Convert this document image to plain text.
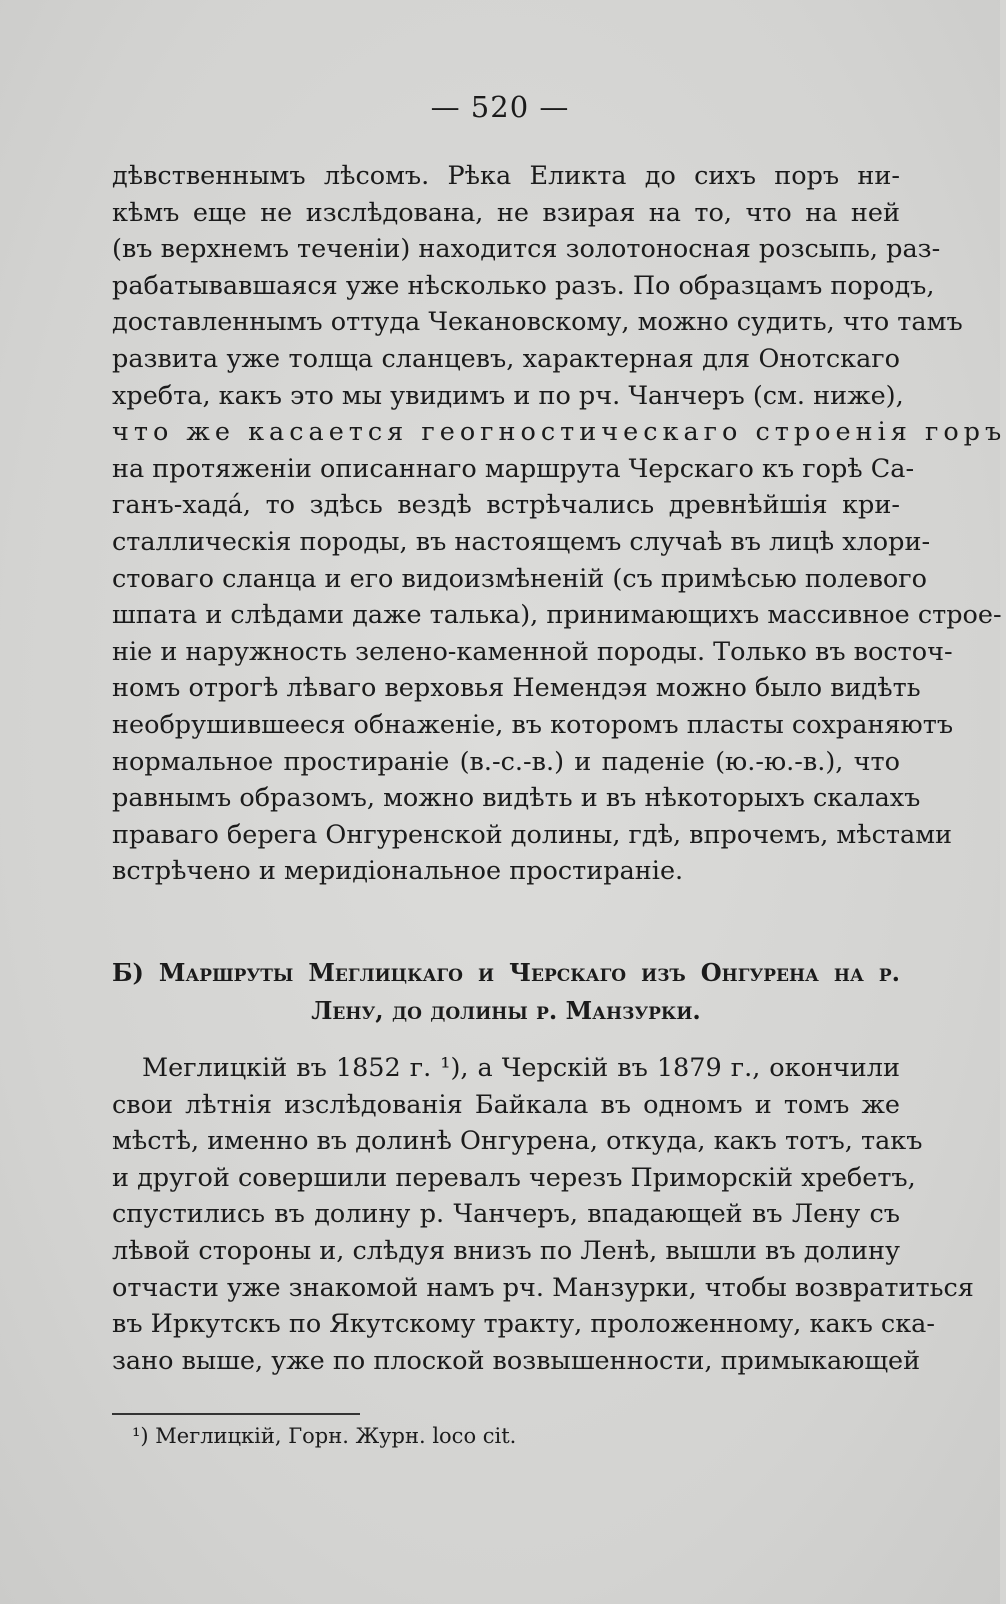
— 520 —
дѣвственнымъ лѣсомъ. Рѣка Еликта до сихъ поръ ни-
кѣмъ еще не изслѣдована, не взирая на то, что на ней
(въ верхнемъ теченіи) находится золотоносная розсыпь, раз-
рабатывавшаяся уже нѣсколько разъ. По образцамъ породъ,
доставленнымъ оттуда Чекановскому, можно судить, что тамъ
развита уже толща сланцевъ, характерная для Онотскаго
хребта, какъ это мы увидимъ и по рч. Чанчеръ (см. ниже),
что же касается геогностическаго строенія горъ
на протяженіи описаннаго маршрута Черскаго къ горѣ Са-
ганъ-хада́, то здѣсь вездѣ встрѣчались древнѣйшія кри-
сталлическія породы, въ настоящемъ случаѣ въ лицѣ хлори-
стоваго сланца и его видоизмѣненій (съ примѣсью полевого
шпата и слѣдами даже талька), принимающихъ массивное строе-
ніе и наружность зелено-каменной породы. Только въ восточ-
номъ отрогѣ лѣваго верховья Немендэя можно было видѣть
необрушившееся обнаженіе, въ которомъ пласты сохраняютъ
нормальное простираніе (в.-с.-в.) и паденіе (ю.-ю.-в.), что
равнымъ образомъ, можно видѣть и въ нѣкоторыхъ скалахъ
праваго берега Онгуренской долины, гдѣ, впрочемъ, мѣстами
встрѣчено и меридіональное простираніе.
Б) Маршруты Меглицкаго и Черскаго изъ Онгурена на р.
Лену, до долины р. Манзурки.
Меглицкій въ 1852 г. ¹), а Черскій въ 1879 г., окончили
свои лѣтнія изслѣдованія Байкала въ одномъ и томъ же
мѣстѣ, именно въ долинѣ Онгурена, откуда, какъ тотъ, такъ
и другой совершили перевалъ черезъ Приморскій хребетъ,
спустились въ долину р. Чанчеръ, впадающей въ Лену съ
лѣвой стороны и, слѣдуя внизъ по Ленѣ, вышли въ долину
отчасти уже знакомой намъ рч. Манзурки, чтобы возвратиться
въ Иркутскъ по Якутскому тракту, проложенному, какъ ска-
зано выше, уже по плоской возвышенности, примыкающей
¹) Меглицкій, Горн. Журн. loco cit.
